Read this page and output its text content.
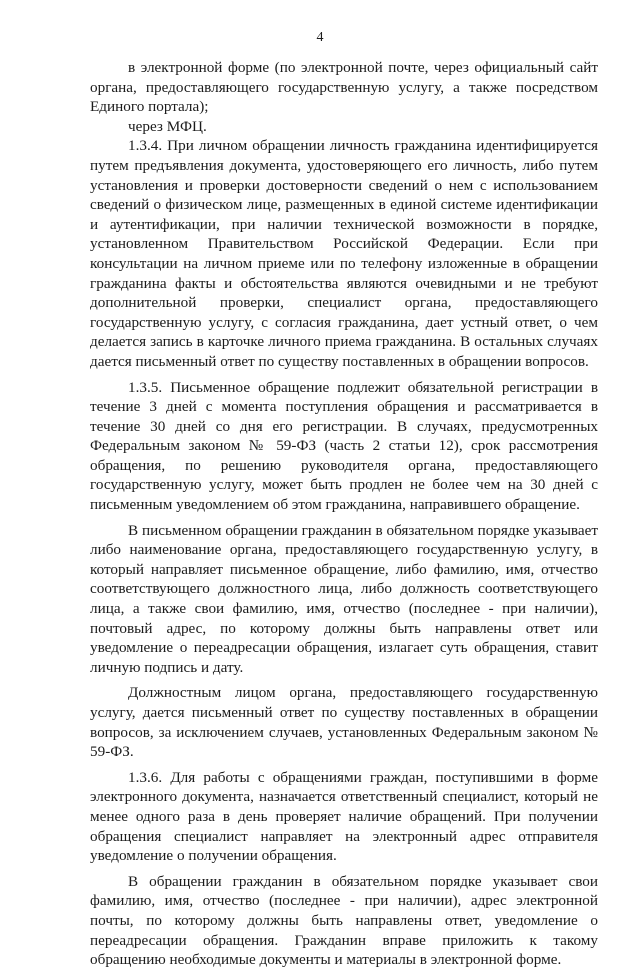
4

в электронной форме (по электронной почте, через официальный сайт органа, предоставляющего государственную услугу, а также посредством Единого портала);

через МФЦ.

1.3.4. При личном обращении личность гражданина идентифицируется путем предъявления документа, удостоверяющего его личность, либо путем установления и проверки достоверности сведений о нем с использованием сведений о физическом лице, размещенных в единой системе идентификации и аутентификации, при наличии технической возможности в порядке, установленном Правительством Российской Федерации. Если при консультации на личном приеме или по телефону изложенные в обращении гражданина факты и обстоятельства являются очевидными и не требуют дополнительной проверки, специалист органа, предоставляющего государственную услугу, с согласия гражданина, дает устный ответ, о чем делается запись в карточке личного приема гражданина. В остальных случаях дается письменный ответ по существу поставленных в обращении вопросов.

1.3.5. Письменное обращение подлежит обязательной регистрации в течение 3 дней с момента поступления обращения и рассматривается в течение 30 дней со дня его регистрации. В случаях, предусмотренных Федеральным законом № 59-ФЗ (часть 2 статьи 12), срок рассмотрения обращения, по решению руководителя органа, предоставляющего государственную услугу, может быть продлен не более чем на 30 дней с письменным уведомлением об этом гражданина, направившего обращение.

В письменном обращении гражданин в обязательном порядке указывает либо наименование органа, предоставляющего государственную услугу, в который направляет письменное обращение, либо фамилию, имя, отчество соответствующего должностного лица, либо должность соответствующего лица, а также свои фамилию, имя, отчество (последнее - при наличии), почтовый адрес, по которому должны быть направлены ответ или уведомление о переадресации обращения, излагает суть обращения, ставит личную подпись и дату.

Должностным лицом органа, предоставляющего государственную услугу, дается письменный ответ по существу поставленных в обращении вопросов, за исключением случаев, установленных Федеральным законом № 59-ФЗ.

1.3.6. Для работы с обращениями граждан, поступившими в форме электронного документа, назначается ответственный специалист, который не менее одного раза в день проверяет наличие обращений. При получении обращения специалист направляет на электронный адрес отправителя уведомление о получении обращения.

В обращении гражданин в обязательном порядке указывает свои фамилию, имя, отчество (последнее - при наличии), адрес электронной почты, по которому должны быть направлены ответ, уведомление о переадресации обращения. Гражданин вправе приложить к такому обращению необходимые документы и материалы в электронной форме.
